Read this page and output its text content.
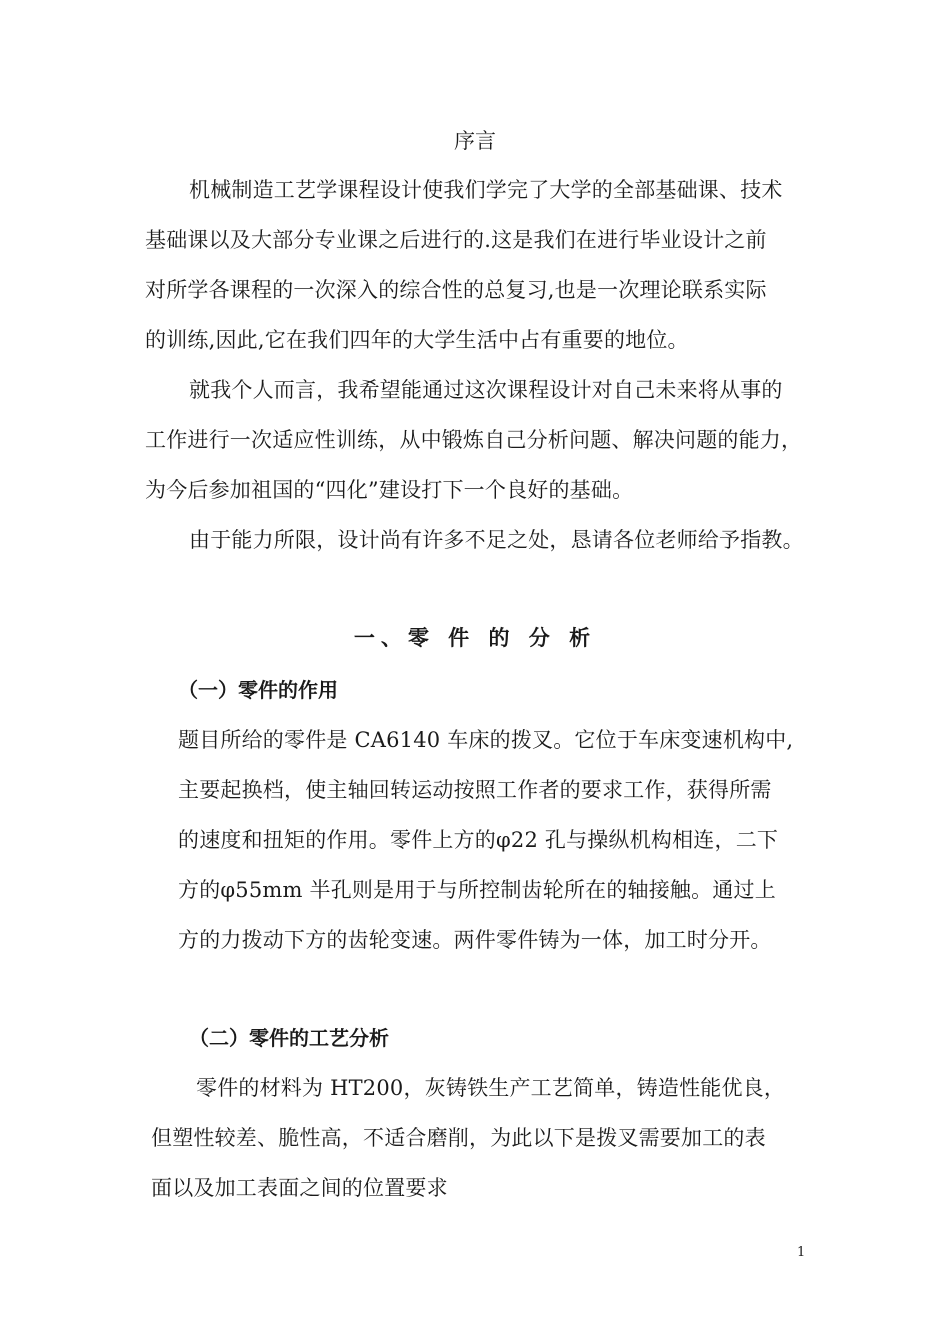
序言
机械制造工艺学课程设计使我们学完了大学的全部基础课、技术
基础课以及大部分专业课之后进行的.这是我们在进行毕业设计之前
对所学各课程的一次深入的综合性的总复习,也是一次理论联系实际
的训练,因此,它在我们四年的大学生活中占有重要的地位。
就我个人而言，我希望能通过这次课程设计对自己未来将从事的
工作进行一次适应性训练，从中锻炼自己分析问题、解决问题的能力，
为今后参加祖国的“四化”建设打下一个良好的基础。
由于能力所限，设计尚有许多不足之处，恳请各位老师给予指教。
一、零 件 的 分 析
（一）零件的作用
题目所给的零件是 CA6140 车床的拨叉。它位于车床变速机构中,
主要起换档，使主轴回转运动按照工作者的要求工作，获得所需
的速度和扭矩的作用。零件上方的φ22 孔与操纵机构相连，二下
方的φ55mm 半孔则是用于与所控制齿轮所在的轴接触。通过上
方的力拨动下方的齿轮变速。两件零件铸为一体，加工时分开。
（二）零件的工艺分析
零件的材料为 HT200，灰铸铁生产工艺简单，铸造性能优良，
但塑性较差、脆性高，不适合磨削，为此以下是拨叉需要加工的表
面以及加工表面之间的位置要求
1
